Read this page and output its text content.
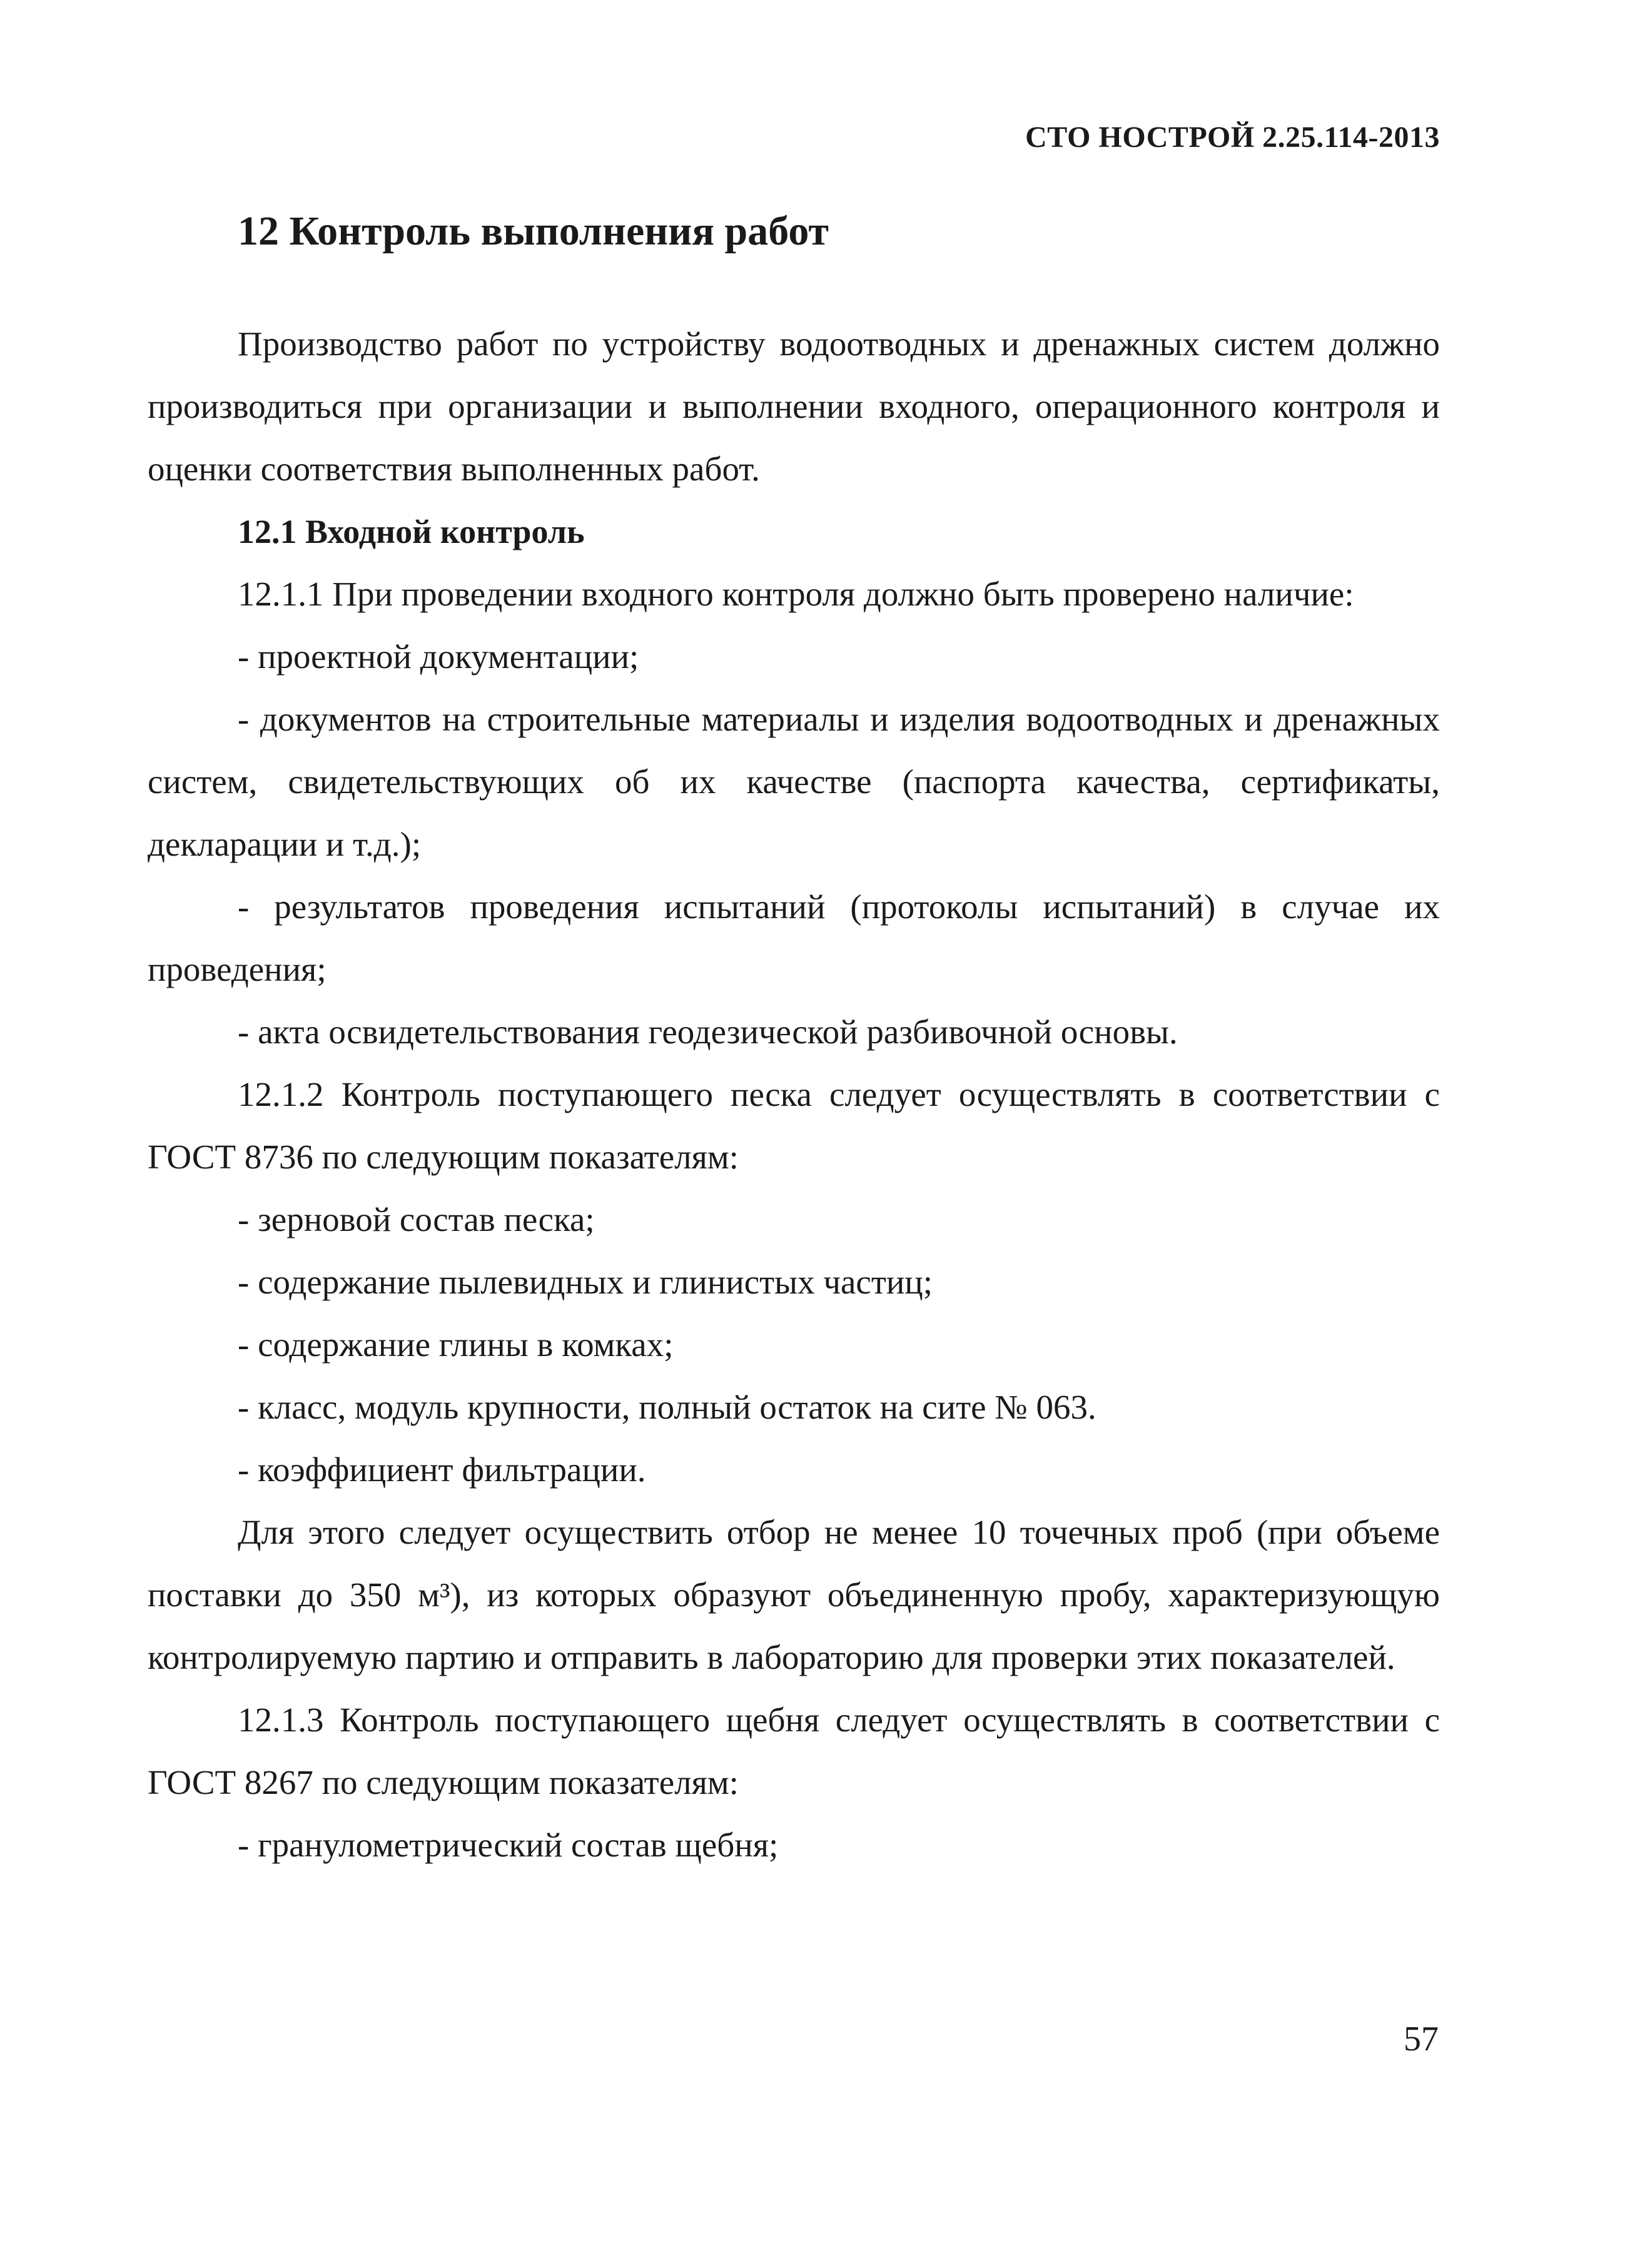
СТО НОСТРОЙ 2.25.114-2013
12 Контроль выполнения работ

Производство работ по устройству водоотводных и дренажных систем должно производиться при организации и выполнении входного, операционного контроля и оценки соответствия выполненных работ.

12.1 Входной контроль

12.1.1 При проведении входного контроля должно быть проверено наличие:

- проектной документации;

- документов на строительные материалы и изделия водоотводных и дренажных систем, свидетельствующих об их качестве (паспорта качества, сертификаты, декларации и т.д.);

- результатов проведения испытаний (протоколы испытаний) в случае их проведения;

- акта освидетельствования геодезической разбивочной основы.

12.1.2 Контроль поступающего песка следует осуществлять в соответствии с ГОСТ 8736 по следующим показателям:

- зерновой состав песка;

- содержание пылевидных и глинистых частиц;

- содержание глины в комках;

- класс, модуль крупности, полный остаток на сите № 063.

- коэффициент фильтрации.

Для этого следует осуществить отбор не менее 10 точечных проб (при объеме поставки до 350 м³), из которых образуют объединенную пробу, характеризующую контролируемую партию и отправить в лабораторию для проверки этих показателей.

12.1.3 Контроль поступающего щебня следует осуществлять в соответствии с ГОСТ 8267 по следующим показателям:

- гранулометрический состав щебня;

57
